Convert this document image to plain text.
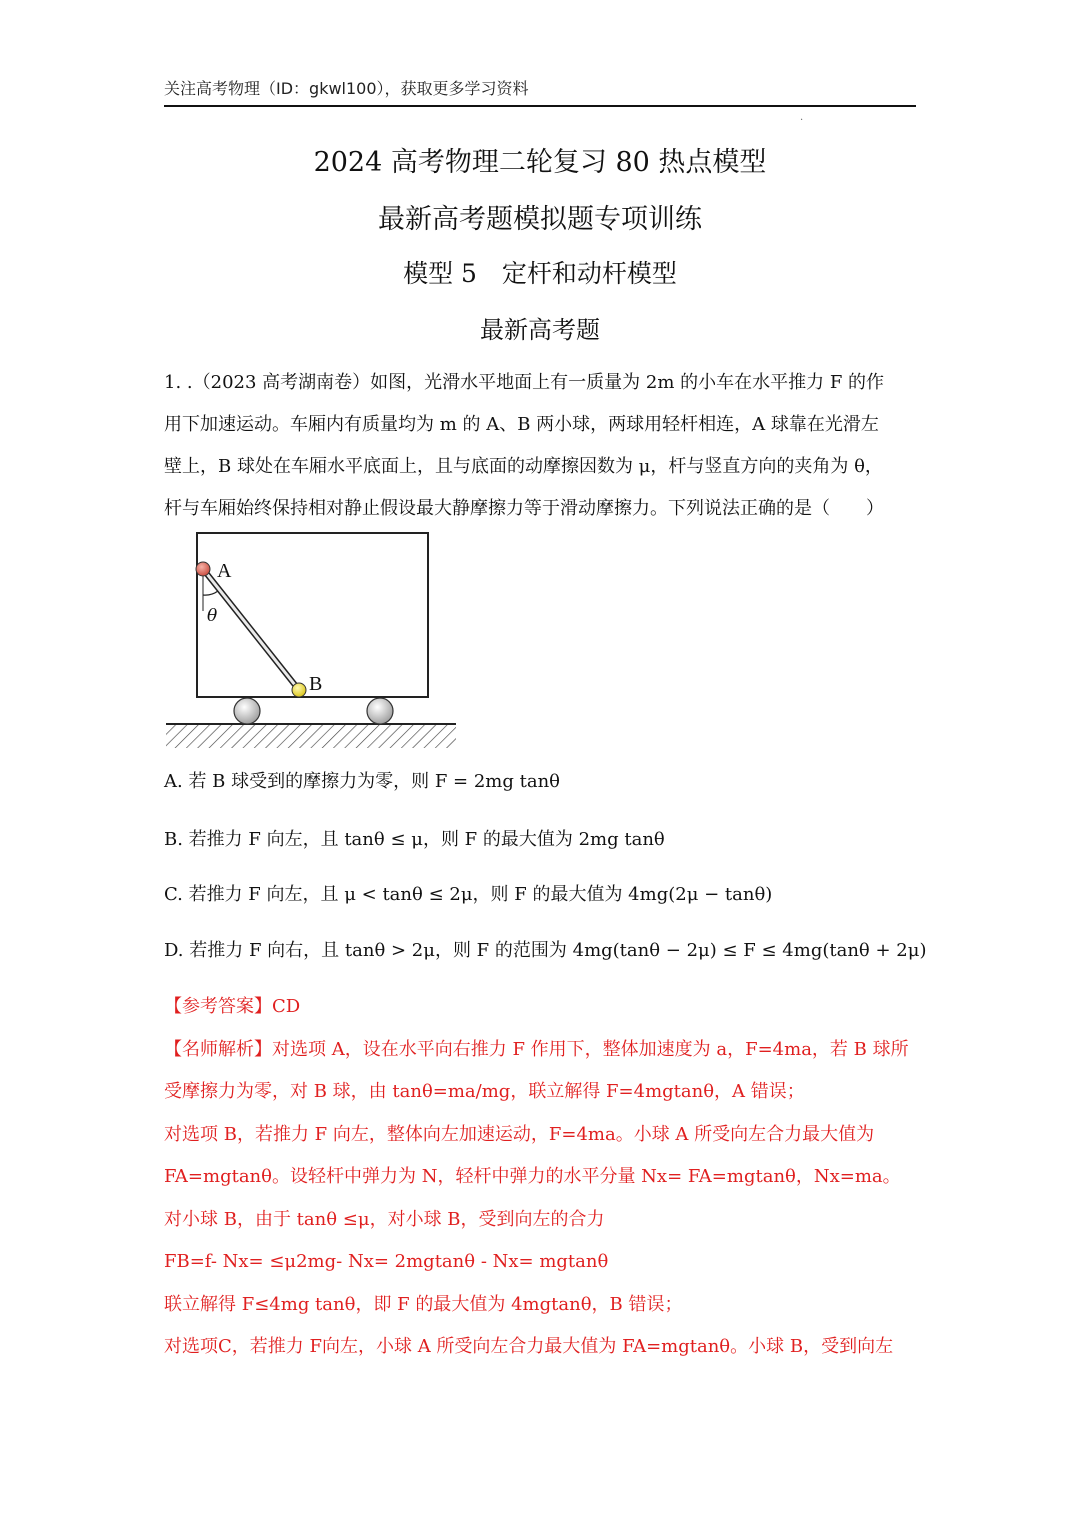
关注高考物理（ID：gkwl100），获取更多学习资料
.
2024 高考物理二轮复习 80 热点模型
最新高考题模拟题专项训练
模型 5　定杆和动杆模型
最新高考题
1. .（2023 高考湖南卷）如图，光滑水平地面上有一质量为 2m 的小车在水平推力 F 的作
用下加速运动。车厢内有质量均为 m 的 A、B 两小球，两球用轻杆相连，A 球靠在光滑左
壁上，B 球处在车厢水平底面上，且与底面的动摩擦因数为 μ，杆与竖直方向的夹角为 θ，
杆与车厢始终保持相对静止假设最大静摩擦力等于滑动摩擦力。下列说法正确的是（　　）
A
B
θ
A. 若 B 球受到的摩擦力为零，则 F = 2mg tanθ
B. 若推力 F 向左，且 tanθ ≤ μ，则 F 的最大值为 2mg tanθ
C. 若推力 F 向左，且 μ < tanθ ≤ 2μ，则 F 的最大值为 4mg(2μ − tanθ)
D. 若推力 F 向右，且 tanθ > 2μ，则 F 的范围为 4mg(tanθ − 2μ) ≤ F ≤ 4mg(tanθ + 2μ)
【参考答案】CD
【名师解析】对选项 A，设在水平向右推力 F 作用下，整体加速度为 a，F=4ma，若 B 球所
受摩擦力为零，对 B 球，由 tanθ=ma/mg，联立解得 F=4mgtanθ，A 错误；
对选项 B，若推力 F 向左，整体向左加速运动，F=4ma。小球 A 所受向左合力最大值为
FA=mgtanθ。设轻杆中弹力为 N，轻杆中弹力的水平分量 Nx= FA=mgtanθ，Nx=ma。
对小球 B，由于 tanθ ≤μ，对小球 B，受到向左的合力
FB=f- Nx= ≤μ2mg- Nx= 2mgtanθ - Nx= mgtanθ
联立解得 F≤4mg tanθ，即 F 的最大值为 4mgtanθ，B 错误；
对选项C，若推力 F向左，小球 A 所受向左合力最大值为 FA=mgtanθ。小球 B，受到向左
